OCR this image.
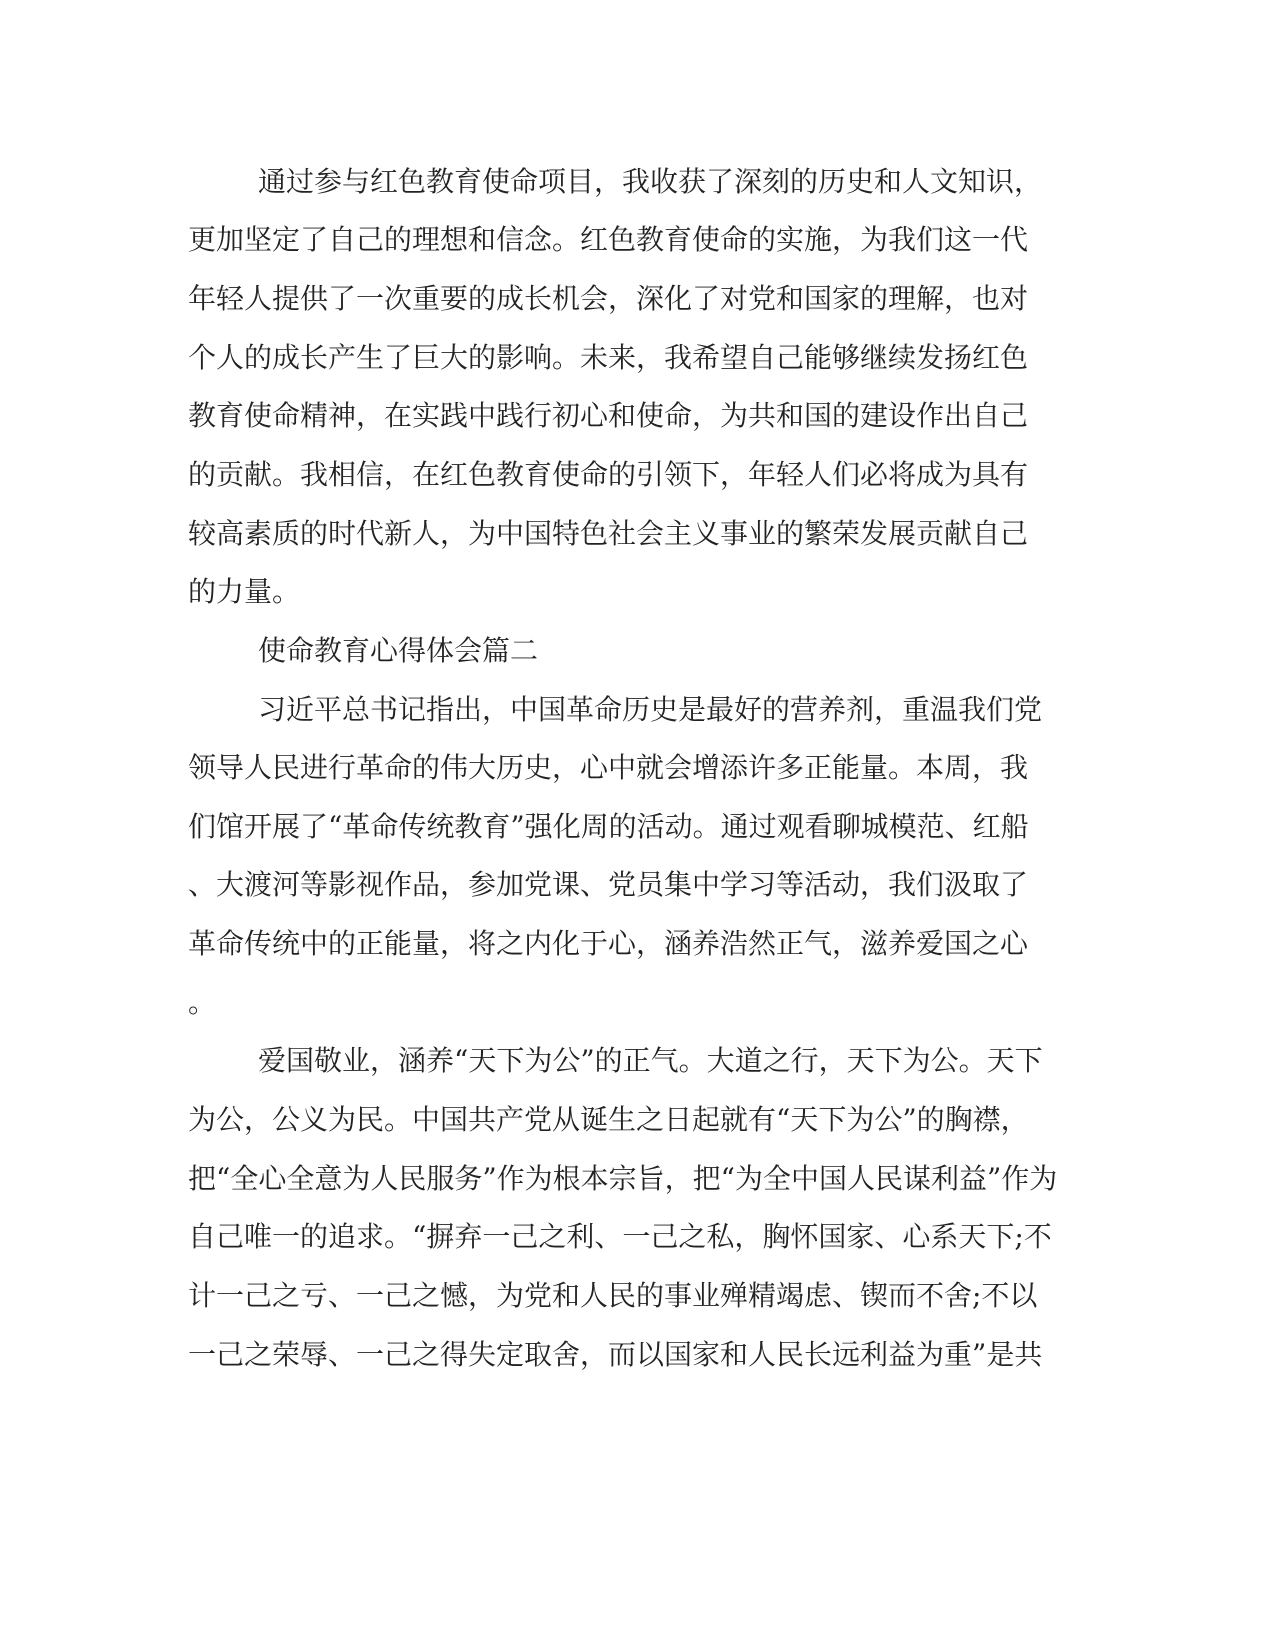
通过参与红色教育使命项目，我收获了深刻的历史和人文知识，
更加坚定了自己的理想和信念。红色教育使命的实施，为我们这一代
年轻人提供了一次重要的成长机会，深化了对党和国家的理解，也对
个人的成长产生了巨大的影响。未来，我希望自己能够继续发扬红色
教育使命精神，在实践中践行初心和使命，为共和国的建设作出自己
的贡献。我相信，在红色教育使命的引领下，年轻人们必将成为具有
较高素质的时代新人，为中国特色社会主义事业的繁荣发展贡献自己
的力量。
使命教育心得体会篇二
习近平总书记指出，中国革命历史是最好的营养剂，重温我们党
领导人民进行革命的伟大历史，心中就会增添许多正能量。本周，我
们馆开展了“革命传统教育”强化周的活动。通过观看聊城模范、红船
、大渡河等影视作品，参加党课、党员集中学习等活动，我们汲取了
革命传统中的正能量，将之内化于心，涵养浩然正气，滋养爱国之心
。
爱国敬业，涵养“天下为公”的正气。大道之行，天下为公。天下
为公，公义为民。中国共产党从诞生之日起就有“天下为公”的胸襟，
把“全心全意为人民服务”作为根本宗旨，把“为全中国人民谋利益”作为
自己唯一的追求。“摒弃一己之利、一己之私，胸怀国家、心系天下;不
计一己之亏、一己之憾，为党和人民的事业殚精竭虑、锲而不舍;不以
一己之荣辱、一己之得失定取舍，而以国家和人民长远利益为重”是共
